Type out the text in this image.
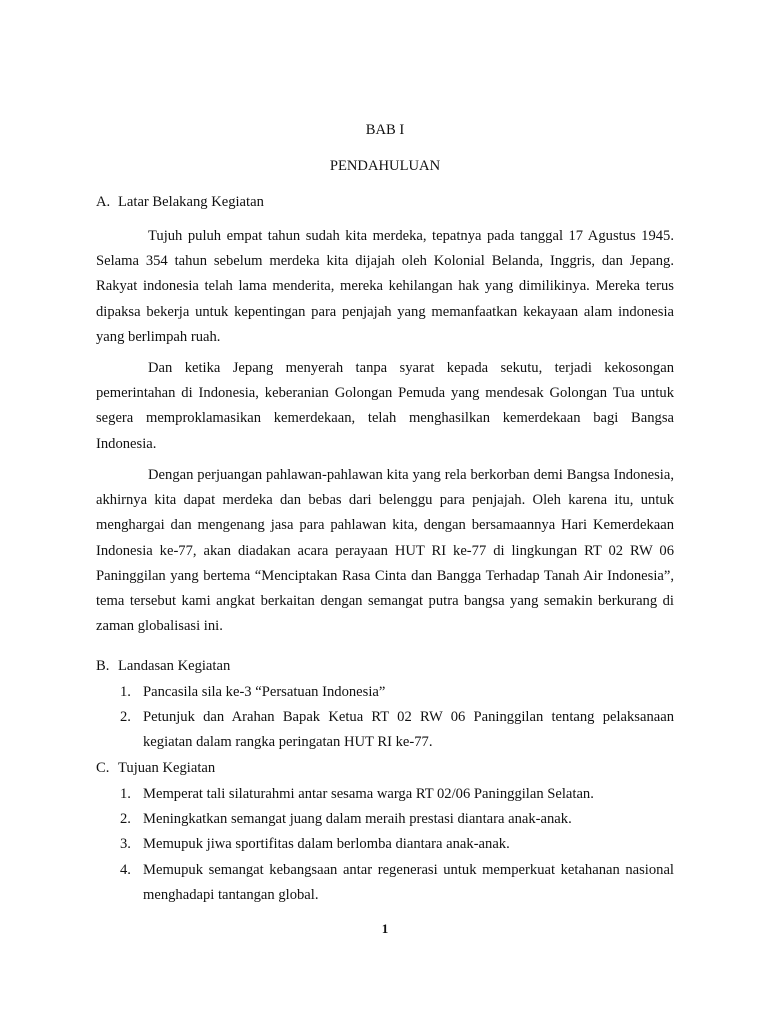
BAB I
PENDAHULUAN
A. Latar Belakang Kegiatan

Tujuh puluh empat tahun sudah kita merdeka, tepatnya pada tanggal 17 Agustus 1945. Selama 354 tahun sebelum merdeka kita dijajah oleh Kolonial Belanda, Inggris, dan Jepang. Rakyat indonesia telah lama menderita, mereka kehilangan hak yang dimilikinya. Mereka terus dipaksa bekerja untuk kepentingan para penjajah yang memanfaatkan kekayaan alam indonesia yang berlimpah ruah.

Dan ketika Jepang menyerah tanpa syarat kepada sekutu, terjadi kekosongan pemerintahan di Indonesia, keberanian Golongan Pemuda yang mendesak Golongan Tua untuk segera memproklamasikan kemerdekaan, telah menghasilkan kemerdekaan bagi Bangsa Indonesia.

Dengan perjuangan pahlawan-pahlawan kita yang rela berkorban demi Bangsa Indonesia, akhirnya kita dapat merdeka dan bebas dari belenggu para penjajah. Oleh karena itu, untuk menghargai dan mengenang jasa para pahlawan kita, dengan bersamaannya Hari Kemerdekaan Indonesia ke-77, akan diadakan acara perayaan HUT RI ke-77 di lingkungan RT 02 RW 06 Paninggilan yang bertema “Menciptakan Rasa Cinta dan Bangga Terhadap Tanah Air Indonesia”, tema tersebut kami angkat berkaitan dengan semangat putra bangsa yang semakin berkurang di zaman globalisasi ini.

B. Landasan Kegiatan
1. Pancasila sila ke-3 “Persatuan Indonesia”
2. Petunjuk dan Arahan Bapak Ketua RT 02 RW 06 Paninggilan tentang pelaksanaan kegiatan dalam rangka peringatan HUT RI ke-77.
C. Tujuan Kegiatan
1. Memperat tali silaturahmi antar sesama warga RT 02/06 Paninggilan Selatan.
2. Meningkatkan semangat juang dalam meraih prestasi diantara anak-anak.
3. Memupuk jiwa sportifitas dalam berlomba diantara anak-anak.
4. Memupuk semangat kebangsaan antar regenerasi untuk memperkuat ketahanan nasional menghadapi tantangan global.
1
